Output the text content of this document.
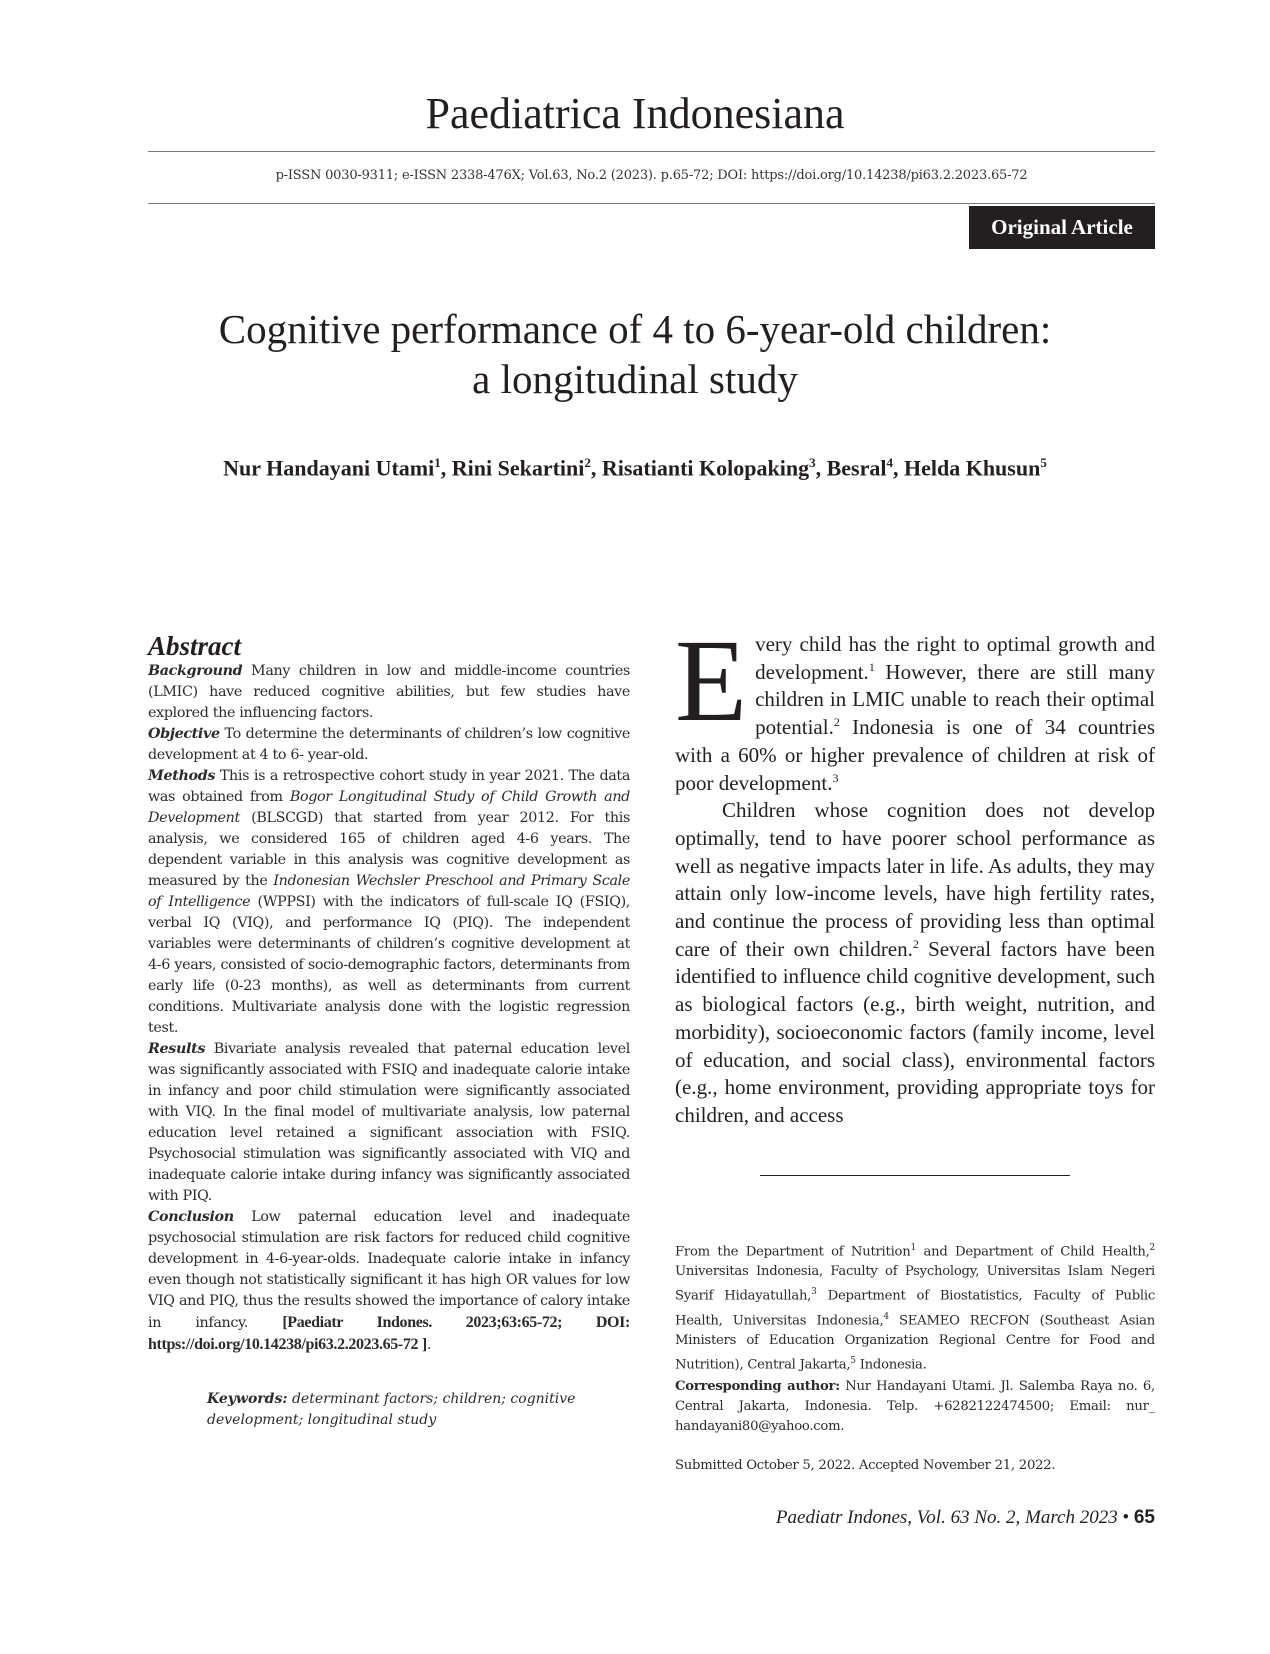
Paediatrica Indonesiana
p-ISSN 0030-9311; e-ISSN 2338-476X; Vol.63, No.2 (2023). p.65-72; DOI: https://doi.org/10.14238/pi63.2.2023.65-72
Original Article
Cognitive performance of 4 to 6-year-old children:
a longitudinal study
Nur Handayani Utami$^1$, Rini Sekartini$^2$, Risatianti Kolopaking$^3$, Besral$^4$, Helda Khusun$^5$
Abstract

Background Many children in low and middle-income countries (LMIC) have reduced cognitive abilities, but few studies have explored the influencing factors.

Objective To determine the determinants of children’s low cognitive development at 4 to 6- year-old.

Methods This is a retrospective cohort study in year 2021. The data was obtained from Bogor Longitudinal Study of Child Growth and Development (BLSCGD) that started from year 2012. For this analysis, we considered 165 of children aged 4-6 years. The dependent variable in this analysis was cognitive development as measured by the Indonesian Wechsler Preschool and Primary Scale of Intelligence (WPPSI) with the indicators of full-scale IQ (FSIQ), verbal IQ (VIQ), and performance IQ (PIQ). The independent variables were determinants of children’s cognitive development at 4-6 years, consisted of socio-demographic factors, determinants from early life (0-23 months), as well as determinants from current conditions. Multivariate analysis done with the logistic regression test.

Results Bivariate analysis revealed that paternal education level was significantly associated with FSIQ and inadequate calorie intake in infancy and poor child stimulation were significantly associated with VIQ. In the final model of multivariate analysis, low paternal education level retained a significant association with FSIQ. Psychosocial stimulation was significantly associated with VIQ and inadequate calorie intake during infancy was significantly associated with PIQ.

Conclusion Low paternal education level and inadequate psychosocial stimulation are risk factors for reduced child cognitive development in 4-6-year-olds. Inadequate calorie intake in infancy even though not statistically significant it has high OR values for low VIQ and PIQ, thus the results showed the importance of calory intake in infancy. [Paediatr Indones. 2023;63:65-72; DOI: https://doi.org/10.14238/pi63.2.2023.65-72 ].

Keywords: determinant factors; children; cognitive development; longitudinal study

Every child has the right to optimal growth and development.$^1$ However, there are still many children in LMIC unable to reach their optimal potential.$^2$ Indonesia is one of 34 countries with a 60% or higher prevalence of children at risk of poor development.$^3$

Children whose cognition does not develop optimally, tend to have poorer school performance as well as negative impacts later in life. As adults, they may attain only low-income levels, have high fertility rates, and continue the process of providing less than optimal care of their own children.$^2$ Several factors have been identified to influence child cognitive development, such as biological factors (e.g., birth weight, nutrition, and morbidity), socioeconomic factors (family income, level of education, and social class), environmental factors (e.g., home environment, providing appropriate toys for children, and access

From the Department of Nutrition$^1$ and Department of Child Health,$^2$ Universitas Indonesia, Faculty of Psychology, Universitas Islam Negeri Syarif Hidayatullah,$^3$ Department of Biostatistics, Faculty of Public Health, Universitas Indonesia,$^4$ SEAMEO RECFON (Southeast Asian Ministers of Education Organization Regional Centre for Food and Nutrition), Central Jakarta,$^5$ Indonesia.
Corresponding author: Nur Handayani Utami. Jl. Salemba Raya no. 6, Central Jakarta, Indonesia. Telp. +6282122474500; Email: nur_ handayani80@yahoo.com.
Submitted October 5, 2022. Accepted November 21, 2022.
Paediatr Indones, Vol. 63 No. 2, March 2023 • 65
